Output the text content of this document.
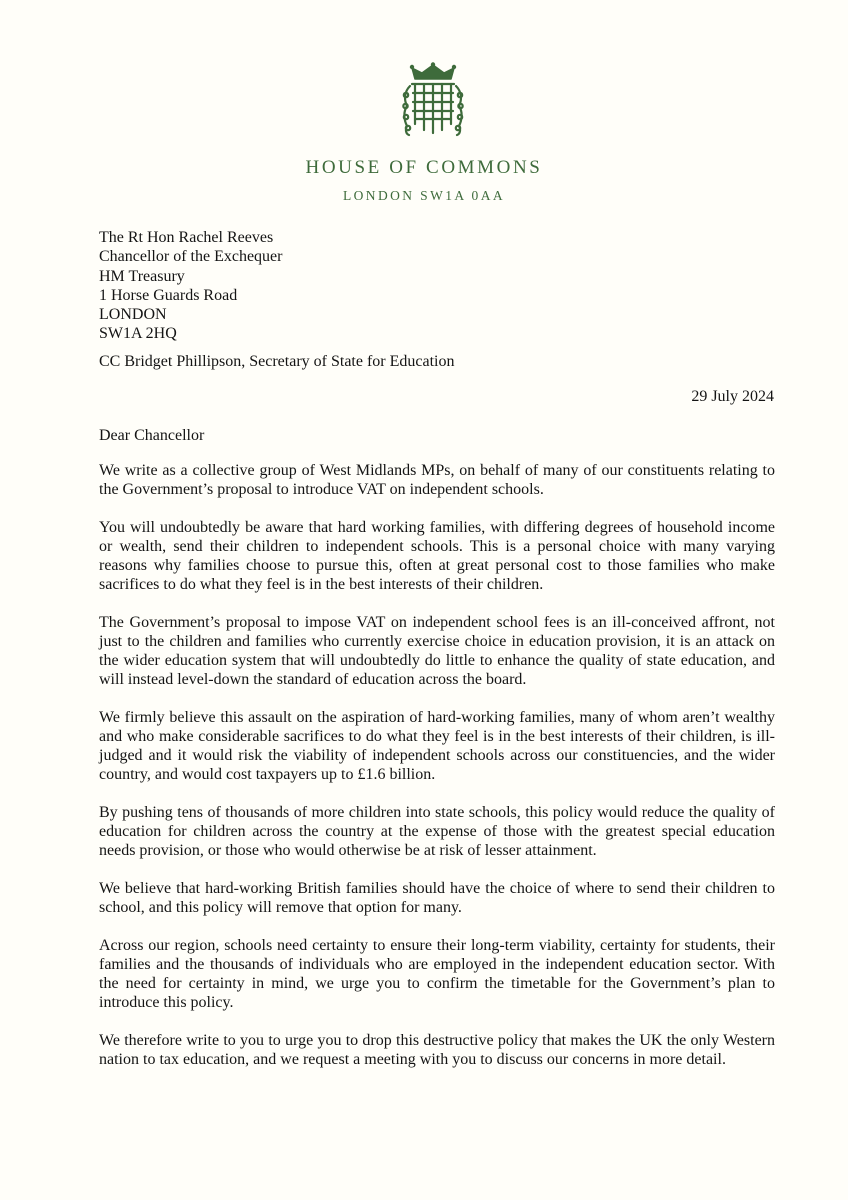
HOUSE OF COMMONS
LONDON SW1A 0AA
The Rt Hon Rachel Reeves
Chancellor of the Exchequer
HM Treasury
1 Horse Guards Road
LONDON
SW1A 2HQ
CC Bridget Phillipson, Secretary of State for Education
29 July 2024
Dear Chancellor

We write as a collective group of West Midlands MPs, on behalf of many of our constituents relating to the Government’s proposal to introduce VAT on independent schools.

You will undoubtedly be aware that hard working families, with differing degrees of household income or wealth, send their children to independent schools. This is a personal choice with many varying reasons why families choose to pursue this, often at great personal cost to those families who make sacrifices to do what they feel is in the best interests of their children.

The Government’s proposal to impose VAT on independent school fees is an ill-conceived affront, not just to the children and families who currently exercise choice in education provision, it is an attack on the wider education system that will undoubtedly do little to enhance the quality of state education, and will instead level-down the standard of education across the board.

We firmly believe this assault on the aspiration of hard-working families, many of whom aren’t wealthy and who make considerable sacrifices to do what they feel is in the best interests of their children, is ill-judged and it would risk the viability of independent schools across our constituencies, and the wider country, and would cost taxpayers up to £1.6 billion.

By pushing tens of thousands of more children into state schools, this policy would reduce the quality of education for children across the country at the expense of those with the greatest special education needs provision, or those who would otherwise be at risk of lesser attainment.

We believe that hard-working British families should have the choice of where to send their children to school, and this policy will remove that option for many.

Across our region, schools need certainty to ensure their long-term viability, certainty for students, their families and the thousands of individuals who are employed in the independent education sector. With the need for certainty in mind, we urge you to confirm the timetable for the Government’s plan to introduce this policy.

We therefore write to you to urge you to drop this destructive policy that makes the UK the only Western nation to tax education, and we request a meeting with you to discuss our concerns in more detail.
